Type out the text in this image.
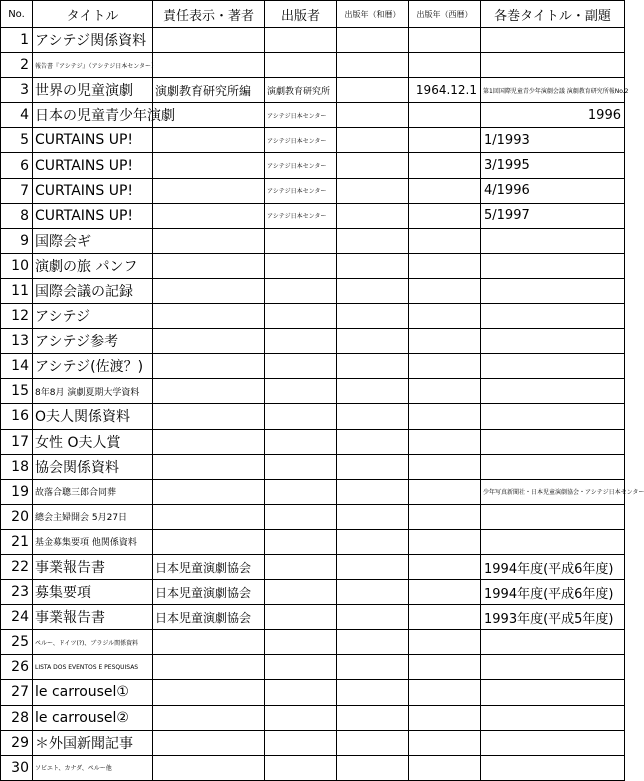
No.	タイトル	責任表示・著者	出版者	出版年（和暦）	出版年（西暦）	各巻タイトル・副題
1	アシテジ関係資料					
2	報告書『アシテジ』（アシテジ日本センター）					
3	世界の児童演劇	演劇教育研究所編	演劇教育研究所		1964.12.1	第1回国際児童青少年演劇会議 演劇教育研究所報No.2
4	日本の児童青少年演劇		アシテジ日本センター			1996
5	CURTAINS UP!		アシテジ日本センター			1/1993
6	CURTAINS UP!		アシテジ日本センター			3/1995
7	CURTAINS UP!		アシテジ日本センター			4/1996
8	CURTAINS UP!		アシテジ日本センター			5/1997
9	国際会ギ					
10	演劇の旅 パンフ					
11	国際会議の記録					
12	アシテジ					
13	アシテジ参考					
14	アシテジ(佐渡？)					
15	8年8月 演劇夏期大学資料					
16	O夫人関係資料					
17	女性 O夫人賞					
18	協会関係資料					
19	故落合聰三郎合同葬					少年写真新聞社・日本児童演劇協会・アシテジ日本センター
20	總会主婦開会 5月27日					
21	基金募集要項 他関係資料					
22	事業報告書	日本児童演劇協会				1994年度(平成6年度)
23	募集要項	日本児童演劇協会				1994年度(平成6年度)
24	事業報告書	日本児童演劇協会				1993年度(平成5年度)
25	ペルー、ドイツ(?)、ブラジル関係資料					
26	LISTA DOS EVENTOS E PESQUISAS					
27	le carrousel①					
28	le carrousel②					
29	＊外国新聞記事					
30	ソビエト、カナダ、ペルー他					
